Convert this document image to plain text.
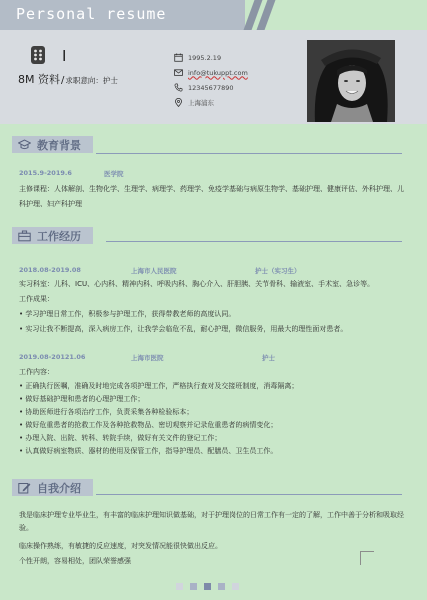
Personal resume
I
8M 资料/求职意向：护士
1995.2.19
info@tukuppt.com
12345677890
上海浦东
教育背景
2015.9-2019.6	医学院
主修课程：人体解剖、生物化学、生理学、病理学、药理学、免疫学基础与病原生物学、基础护理、健康评估、外科护理、儿科护理、妇产科护理
工作经历
2018.08-2019.08	上海市人民医院	护士（实习生）
实习科室：儿科、ICU、心内科、精神内科、呼吸内科、胸心介入、肝胆胰、关节骨科、输液室、手术室、急诊等。
工作成果：
• 学习护理日常工作，积极参与护理工作，获得带教老师的高度认同。
• 实习让我不断提高，深入病房工作，让我学会临危不乱，耐心护理，微信服务，用最大的理性面对患者。
2019.08-20121.06	上海市医院	护士
工作内容：
• 正确执行医嘱，准确及时地完成各项护理工作，严格执行查对及交接班制度，消毒隔离；
• 做好基础护理和患者的心理护理工作；
• 协助医师进行各项治疗工作，负责采集各种检验标本；
• 做好危重患者的抢救工作及各种抢救物品、密切观察并记录危重患者的病情变化；
• 办理入院、出院、转科、转院手续，做好有关文件的登记工作；
• 认真做好病室物质、器材的使用及保管工作，指导护理员、配膳员、卫生员工作。
自我介绍
我是临床护理专业毕业生，有丰富的临床护理知识做基础，对于护理岗位的日常工作有一定的了解，工作中善于分析和吸取经验。
临床操作熟练，有敏捷的反应速度，对突发情况能很快做出反应。
个性开朗，容易相处，团队荣誉感强
